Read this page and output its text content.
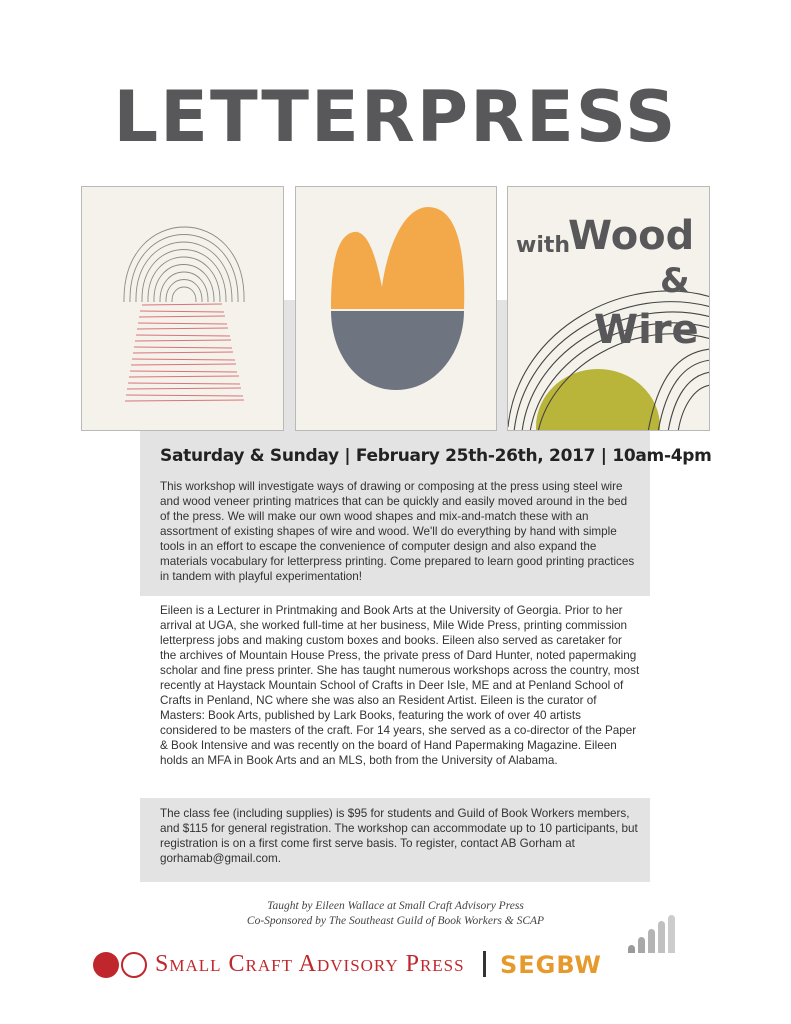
LETTERPRESS
with
Wood
&
Wire
Saturday & Sunday | February 25th-26th, 2017 | 10am-4pm

This workshop will investigate ways of drawing or composing at the press using steel wire and wood veneer printing matrices that can be quickly and easily moved around in the bed of the press. We will make our own wood shapes and mix-and-match these with an assortment of existing shapes of wire and wood. We'll do everything by hand with simple tools in an effort to escape the convenience of computer design and also expand the materials vocabulary for letterpress printing. Come prepared to learn good printing practices in tandem with playful experimentation!

Eileen is a Lecturer in Printmaking and Book Arts at the University of Georgia. Prior to her arrival at UGA, she worked full-time at her business, Mile Wide Press, printing commission letterpress jobs and making custom boxes and books. Eileen also served as caretaker for the archives of Mountain House Press, the private press of Dard Hunter, noted papermaking scholar and fine press printer. She has taught numerous workshops across the country, most recently at Haystack Mountain School of Crafts in Deer Isle, ME and at Penland School of Crafts in Penland, NC where she was also an Resident Artist. Eileen is the curator of Masters: Book Arts, published by Lark Books, featuring the work of over 40 artists considered to be masters of the craft. For 14 years, she served as a co-director of the Paper & Book Intensive and was recently on the board of Hand Papermaking Magazine. Eileen holds an MFA in Book Arts and an MLS, both from the University of Alabama.

The class fee (including supplies) is $95 for students and Guild of Book Workers members, and $115 for general registration. The workshop can accommodate up to 10 participants, but registration is on a first come first serve basis. To register, contact AB Gorham at gorhamab@gmail.com.

Taught by Eileen Wallace at Small Craft Advisory Press
Co-Sponsored by The Southeast Guild of Book Workers & SCAP
Small Craft Advisory Press SEGBW
